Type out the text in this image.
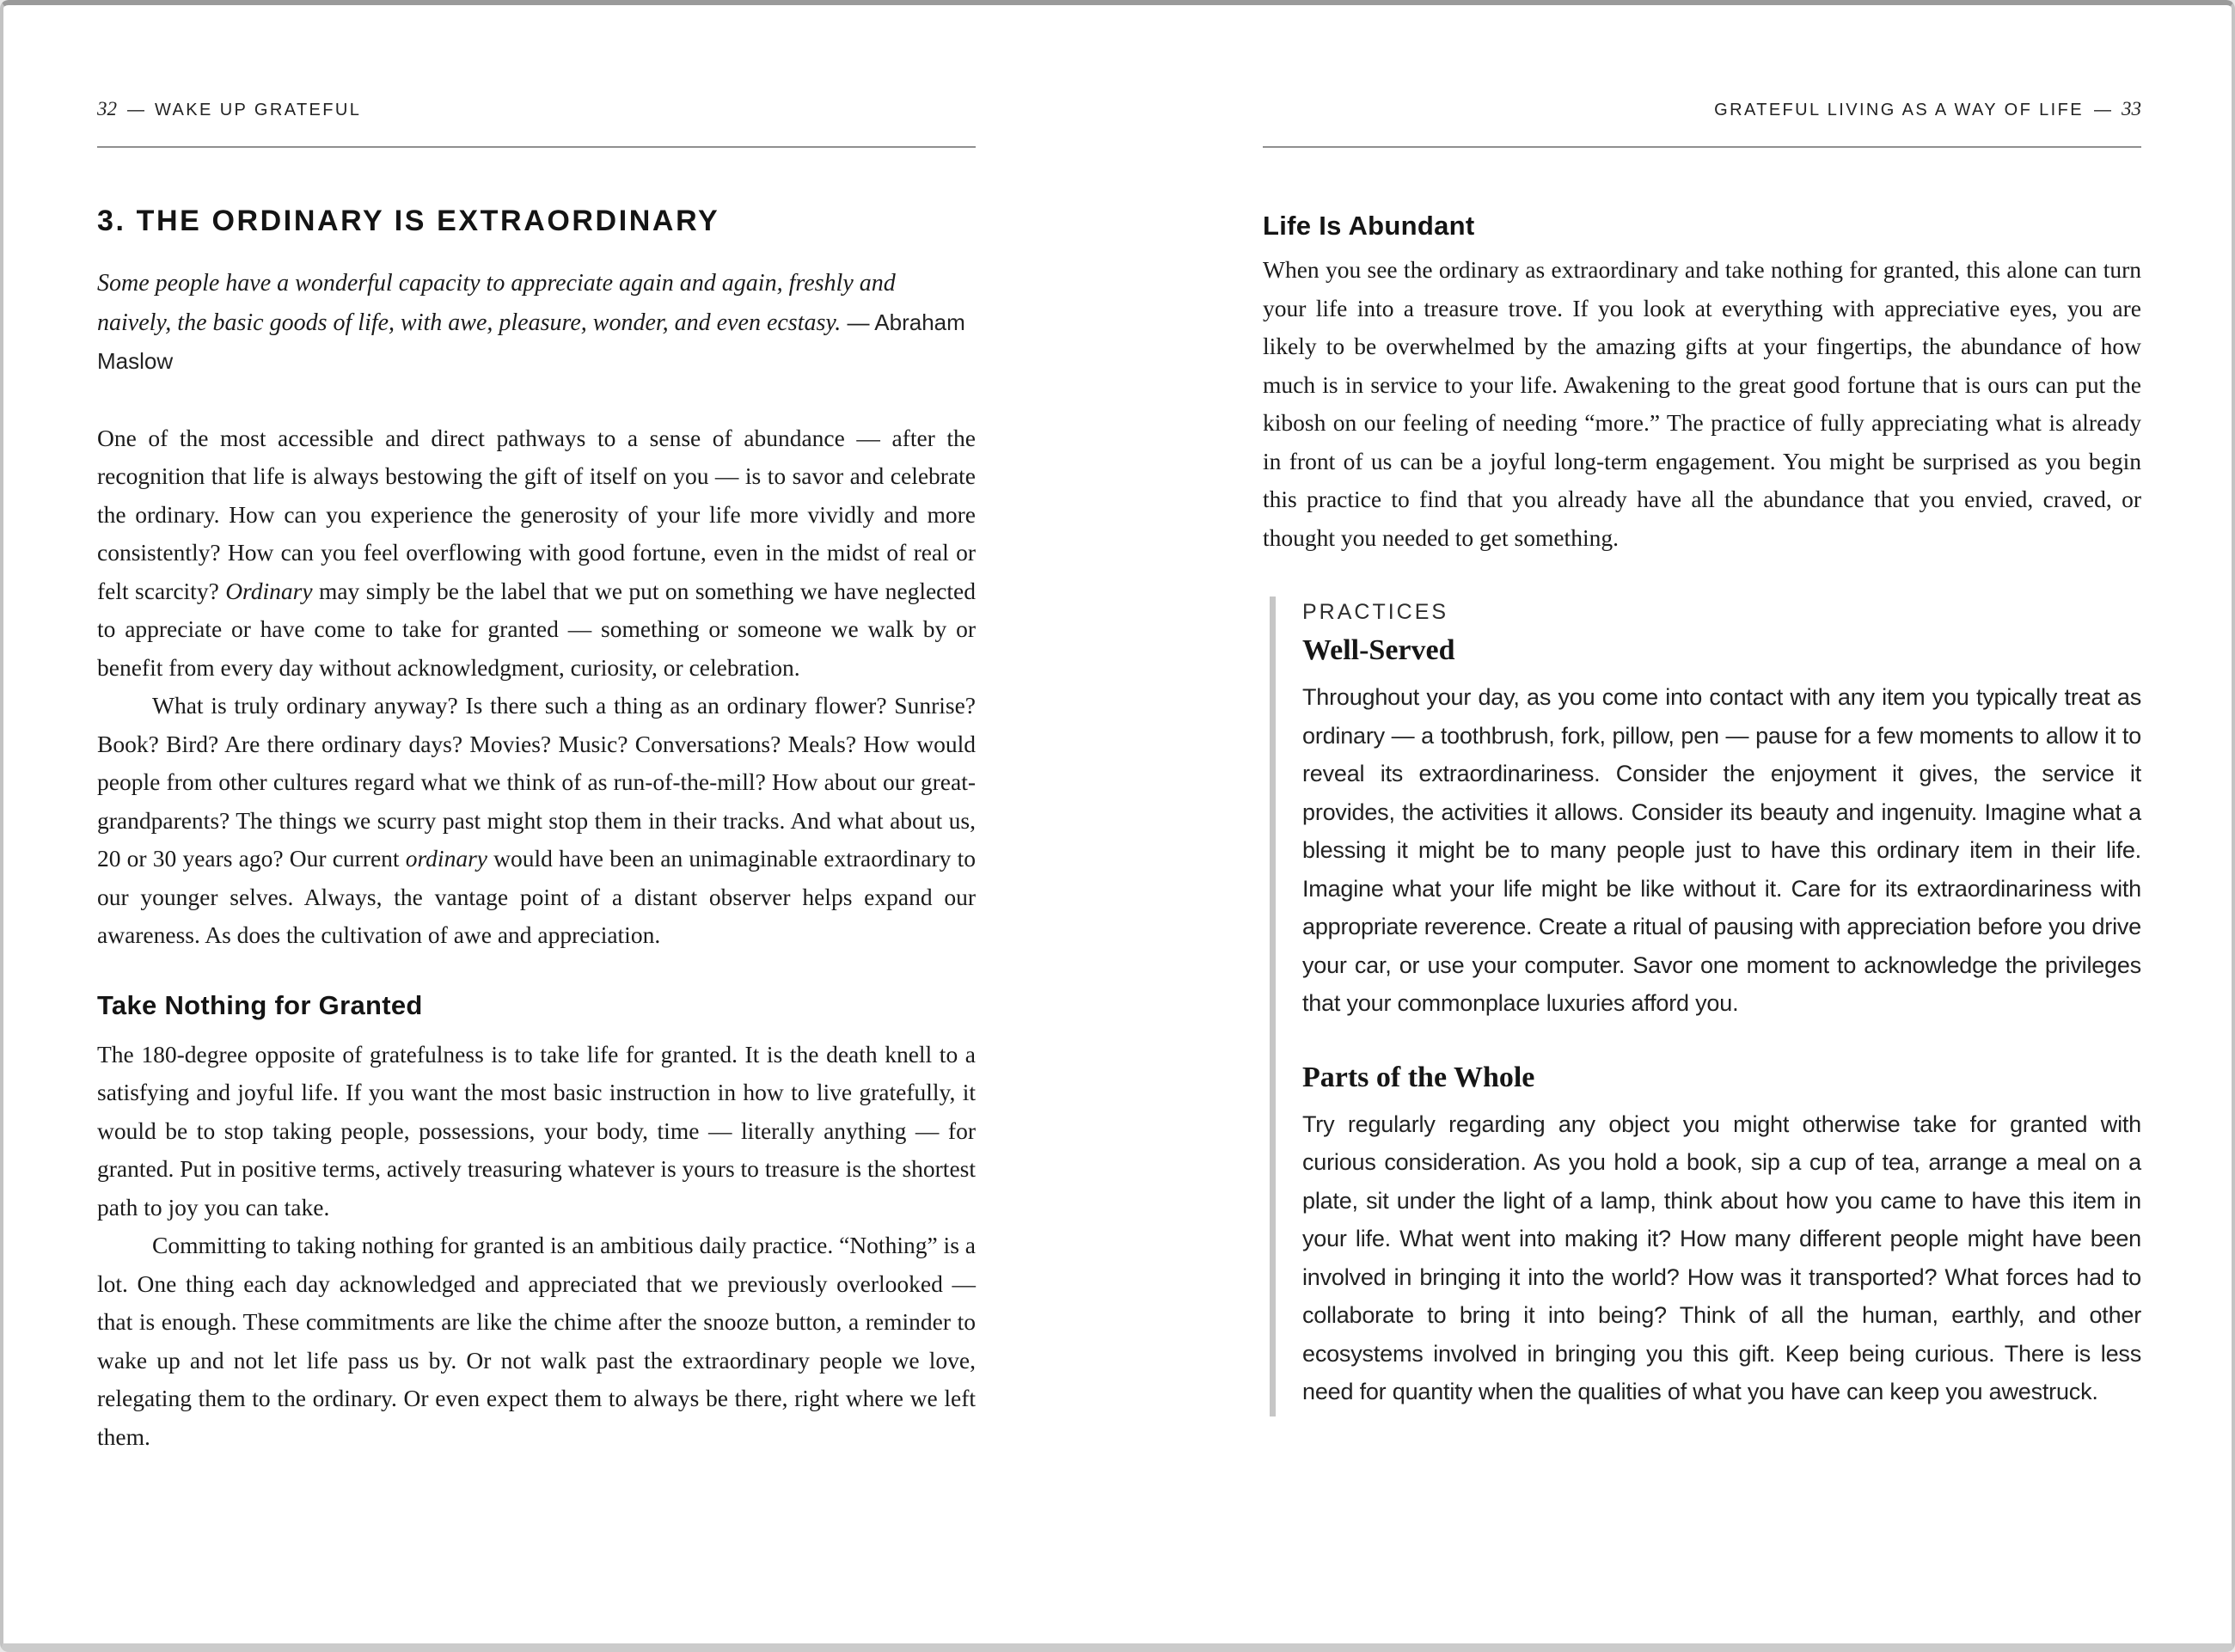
32 — WAKE UP GRATEFUL
3. THE ORDINARY IS EXTRAORDINARY
Some people have a wonderful capacity to appreciate again and again, freshly and naively, the basic goods of life, with awe, pleasure, wonder, and even ecstasy. — Abraham Maslow

One of the most accessible and direct pathways to a sense of abundance — after the recognition that life is always bestowing the gift of itself on you — is to savor and celebrate the ordinary. How can you experience the generosity of your life more vividly and more consistently? How can you feel overflowing with good fortune, even in the midst of real or felt scarcity? Ordinary may simply be the label that we put on something we have neglected to appreciate or have come to take for granted — something or someone we walk by or benefit from every day without acknowledgment, curiosity, or celebration.

What is truly ordinary anyway? Is there such a thing as an ordinary flower? Sunrise? Book? Bird? Are there ordinary days? Movies? Music? Conversations? Meals? How would people from other cultures regard what we think of as run-of-the-mill? How about our great-grandparents? The things we scurry past might stop them in their tracks. And what about us, 20 or 30 years ago? Our current ordinary would have been an unimaginable extraordinary to our younger selves. Always, the vantage point of a distant observer helps expand our awareness. As does the cultivation of awe and appreciation.

Take Nothing for Granted

The 180-degree opposite of gratefulness is to take life for granted. It is the death knell to a satisfying and joyful life. If you want the most basic instruction in how to live gratefully, it would be to stop taking people, possessions, your body, time — literally anything — for granted. Put in positive terms, actively treasuring whatever is yours to treasure is the shortest path to joy you can take.

Committing to taking nothing for granted is an ambitious daily practice. “Nothing” is a lot. One thing each day acknowledged and appreciated that we previously overlooked — that is enough. These commitments are like the chime after the snooze button, a reminder to wake up and not let life pass us by. Or not walk past the extraordinary people we love, relegating them to the ordinary. Or even expect them to always be there, right where we left them.

GRATEFUL LIVING AS A WAY OF LIFE — 33
Life Is Abundant

When you see the ordinary as extraordinary and take nothing for granted, this alone can turn your life into a treasure trove. If you look at everything with appreciative eyes, you are likely to be overwhelmed by the amazing gifts at your fingertips, the abundance of how much is in service to your life. Awakening to the great good fortune that is ours can put the kibosh on our feeling of needing “more.” The practice of fully appreciating what is already in front of us can be a joyful long-term engagement. You might be surprised as you begin this practice to find that you already have all the abundance that you envied, craved, or thought you needed to get something.

PRACTICES
Well-Served

Throughout your day, as you come into contact with any item you typically treat as ordinary — a toothbrush, fork, pillow, pen — pause for a few moments to allow it to reveal its extraordinariness. Consider the enjoyment it gives, the service it provides, the activities it allows. Consider its beauty and ingenuity. Imagine what a blessing it might be to many people just to have this ordinary item in their life. Imagine what your life might be like without it. Care for its extraordinariness with appropriate reverence. Create a ritual of pausing with appreciation before you drive your car, or use your computer. Savor one moment to acknowledge the privileges that your commonplace luxuries afford you.

Parts of the Whole

Try regularly regarding any object you might otherwise take for granted with curious consideration. As you hold a book, sip a cup of tea, arrange a meal on a plate, sit under the light of a lamp, think about how you came to have this item in your life. What went into making it? How many different people might have been involved in bringing it into the world? How was it transported? What forces had to collaborate to bring it into being? Think of all the human, earthly, and other ecosystems involved in bringing you this gift. Keep being curious. There is less need for quantity when the qualities of what you have can keep you awestruck.
